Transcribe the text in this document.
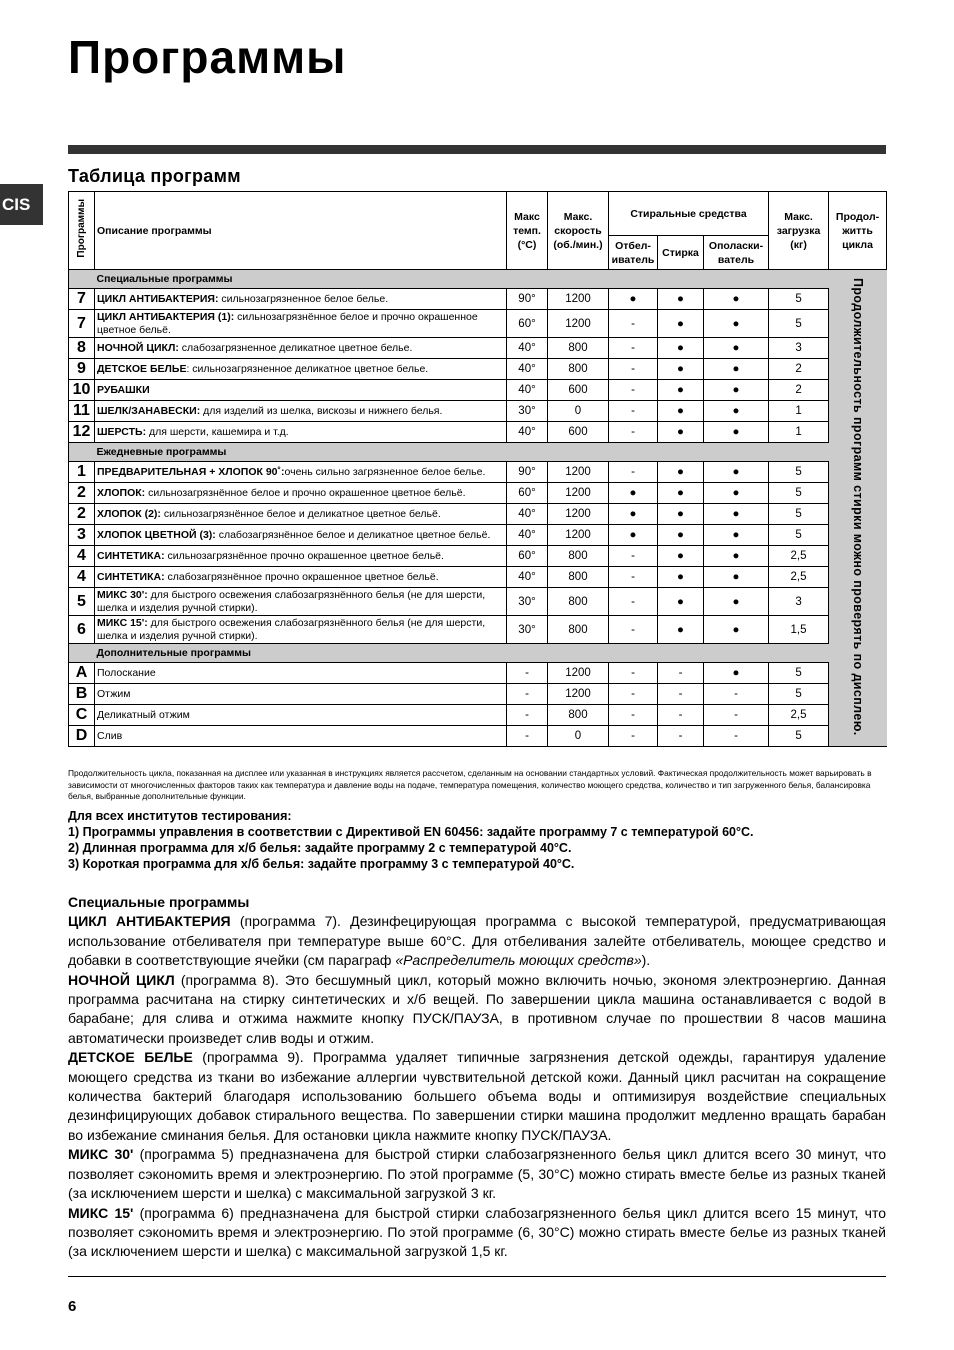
Программы
CIS
Таблица программ
Программы	Описание программы	Макс темп. (°C)	Макс. скорость (об./мин.)	Стиральные средства			Макс. загрузка (кг)	Продол- житть цикла
				Отбел- иватель	Стирка	Ополаски- ватель		
	Специальные программы							Продолжительность программ стирки можно проверять по дисплею.
7	ЦИКЛ АНТИБАКТЕРИЯ: сильнозагрязненное белое белье.	90°	1200	●	●	●	5	
7	ЦИКЛ АНТИБАКТЕРИЯ (1): сильнозагрязнённое белое и прочно окрашенное цветное бельё.	60°	1200	-	●	●	5	
8	НОЧНОЙ ЦИКЛ: слабозагрязненное деликатное цветное белье.	40°	800	-	●	●	3	
9	ДЕТСКОЕ БЕЛЬЕ: сильнозагрязненное деликатное цветное белье.	40°	800	-	●	●	2	
10	РУБАШКИ	40°	600	-	●	●	2	
11	ШЕЛК/ЗАНАВЕСКИ: для изделий из шелка, вискозы и нижнего белья.	30°	0	-	●	●	1	
12	ШЕРСТЬ: для шерсти, кашемира и т.д.	40°	600	-	●	●	1	
	Ежедневные программы							
1	ПРЕДВАРИТЕЛЬНАЯ + ХЛОПОК 90˚:очень сильно загрязненное белое белье.	90°	1200	-	●	●	5	
2	ХЛОПОК: сильнозагрязнённое белое и прочно окрашенное цветное бельё.	60°	1200	●	●	●	5	
2	ХЛОПОК (2): сильнозагрязнённое белое и деликатное цветное бельё.	40°	1200	●	●	●	5	
3	ХЛОПОК ЦВЕТНОЙ (3): слабозагрязнённое белое и деликатное цветное бельё.	40°	1200	●	●	●	5	
4	СИНТЕТИКА: сильнозагрязнённое прочно окрашенное цветное бельё.	60°	800	-	●	●	2,5	
4	СИНТЕТИКА: слабозагрязнённое прочно окрашенное цветное бельё.	40°	800	-	●	●	2,5	
5	МИКС 30': для быстрого освежения слабозагрязнённого белья (не для шерсти, шелка и изделия ручной стирки).	30°	800	-	●	●	3	
6	МИКС 15': для быстрого освежения слабозагрязнённого белья (не для шерсти, шелка и изделия ручной стирки).	30°	800	-	●	●	1,5	
	Дополнительные программы							
A	Полоскание	-	1200	-	-	●	5	
B	Отжим	-	1200	-	-	-	5	
C	Деликатный отжим	-	800	-	-	-	2,5	
D	Слив	-	0	-	-	-	5	

Продолжительность цикла, показанная на дисплее или указанная в инструкциях является рассчетом, сделанным на основании стандартных условий. Фактическая продолжительность может варьировать в зависимости от многочисленных факторов таких как температура и давление воды на подаче, температура помещения, количество моющего средства, количество и тип загруженного белья, балансировка белья, выбранные дополнительные функции.

Для всех институтов тестирования:

1) Программы управления в соответствии с Директивой EN 60456: задайте программу 7 с температурой 60°C.

2) Длинная программа для х/б белья: задайте программу 2 с температурой 40°C.

3) Короткая программа для х/б белья: задайте программу 3 с температурой 40°C.

Специальные программы

ЦИКЛ АНТИБАКТЕРИЯ (программа 7). Дезинфецирующая программа с высокой температурой, предусматривающая использование отбеливателя при температуре выше 60°C. Для отбеливания залейте отбеливатель, моющее средство и добавки в соответствующие ячейки (см параграф «Распределитель моющих средств»).

НОЧНОЙ ЦИКЛ (программа 8). Это бесшумный цикл, который можно включить ночью, экономя электроэнергию. Данная программа расчитана на стирку синтетических и х/б вещей. По завершении цикла машина останавливается с водой в барабане; для слива и отжима нажмите кнопку ПУСК/ПАУЗА, в противном случае по прошествии 8 часов машина автоматически произведет слив воды и отжим.

ДЕТСКОЕ БЕЛЬЕ (программа 9). Программа удаляет типичные загрязнения детской одежды, гарантируя удаление моющего средства из ткани во избежание аллергии чувствительной детской кожи. Данный цикл расчитан на сокращение количества бактерий благодаря использованию большего объема воды и оптимизируя воздействие специальных дезинфицирующих добавок стирального вещества. По завершении стирки машина продолжит медленно вращать барабан во избежание сминания белья. Для остановки цикла нажмите кнопку ПУСК/ПАУЗА.

МИКС 30' (программа 5) предназначена для быстрой стирки слабозагрязненного белья цикл длится всего 30 минут, что позволяет сэкономить время и электроэнергию. По этой программе (5, 30°C) можно стирать вместе белье из разных тканей (за исключением шерсти и шелка) с максимальной загрузкой 3 кг.

МИКС 15' (программа 6) предназначена для быстрой стирки слабозагрязненного белья цикл длится всего 15 минут, что позволяет сэкономить время и электроэнергию. По этой программе (6, 30°C) можно стирать вместе белье из разных тканей (за исключением шерсти и шелка) с максимальной загрузкой 1,5 кг.

6
